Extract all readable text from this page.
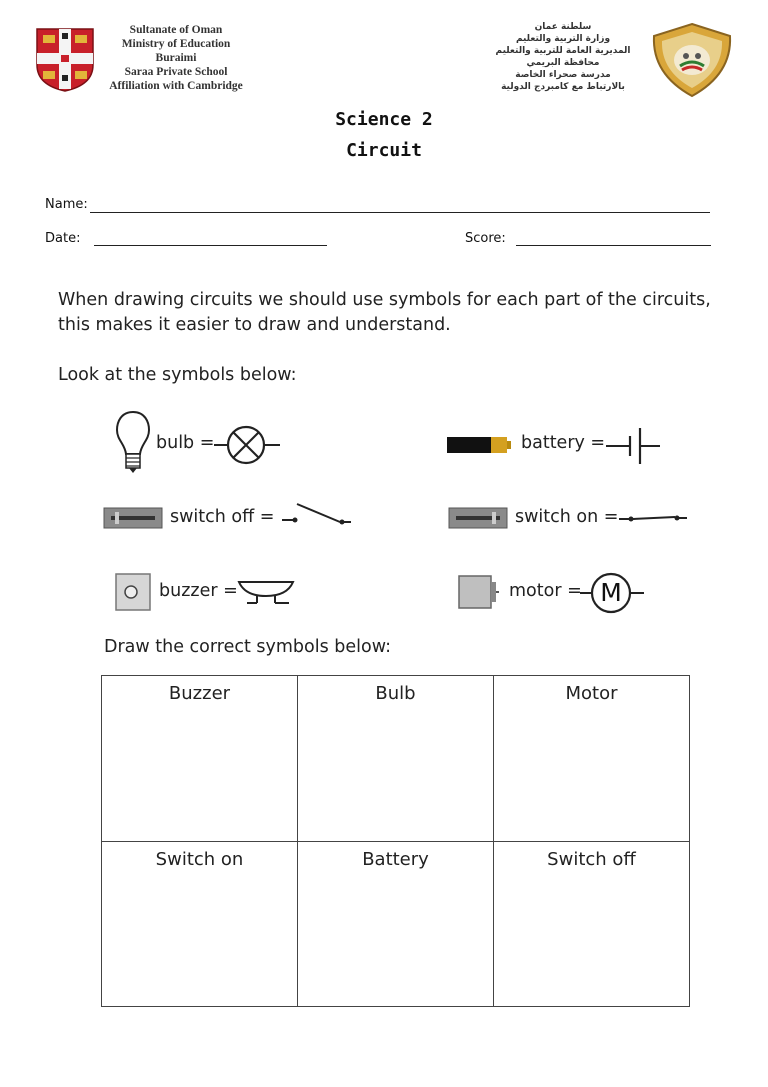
Sultanate of Oman
Ministry of Education
Buraimi
Saraa Private School
Affiliation with Cambridge
سلطنة عمان
وزارة التربية والتعليم
المديرية العامة للتربية والتعليم
محافظة البريمي
مدرسة صحراء الخاصة
بالارتباط مع كامبردج الدولية
Science 2
Circuit
Name:
Date:	Score:
When drawing circuits we should use symbols for each part of the circuits, this makes it easier to draw and understand.
Look at the symbols below:
bulb =	battery =
switch off =	switch on =
buzzer =	motor = M
Draw the correct symbols below:
Buzzer	Bulb	Motor
Switch on	Battery	Switch off
